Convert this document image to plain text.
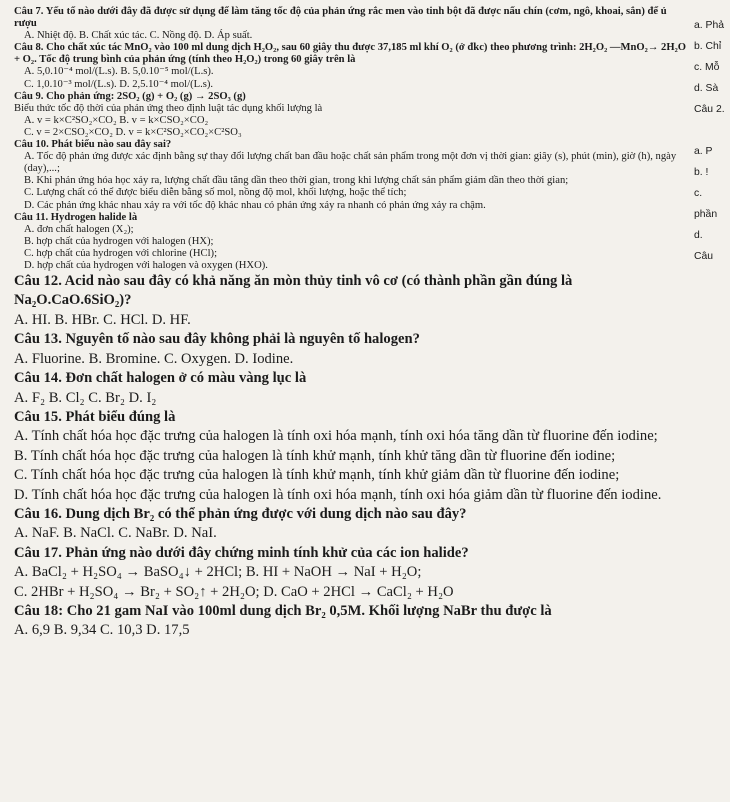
Câu 7. Yếu tố nào dưới đây đã được sử dụng để làm tăng tốc độ của phản ứng rắc men vào tinh bột đã được nấu chín (cơm, ngô, khoai, sắn) để ủ rượu

A. Nhiệt độ. B. Chất xúc tác. C. Nồng độ. D. Áp suất.

Câu 8. Cho chất xúc tác MnO₂ vào 100 ml dung dịch H₂O₂, sau 60 giây thu được 37,185 ml khí O₂ (ở đkc) theo phương trình: 2H₂O₂ —MnO₂→ 2H₂O + O₂. Tốc độ trung bình của phản ứng (tính theo H₂O₂) trong 60 giây trên là

A. 5,0.10⁻⁴ mol/(L.s). B. 5,0.10⁻⁵ mol/(L.s).

C. 1,0.10⁻³ mol/(L.s). D. 2,5.10⁻⁴ mol/(L.s).

Câu 9. Cho phản ứng: 2SO₂ (g) + O₂ (g) → 2SO₃ (g)

Biểu thức tốc độ thời của phản ứng theo định luật tác dụng khối lượng là

A. v = k×C²SO₂×CO₂ B. v = k×CSO₂×CO₂

C. v = 2×CSO₂×CO₂ D. v = k×C²SO₂×CO₂×C²SO₃

Câu 10. Phát biểu nào sau đây sai?

A. Tốc độ phản ứng được xác định bằng sự thay đổi lượng chất ban đầu hoặc chất sản phẩm trong một đơn vị thời gian: giây (s), phút (min), giờ (h), ngày (day),...;

B. Khi phản ứng hóa học xảy ra, lượng chất đầu tăng dần theo thời gian, trong khi lượng chất sản phẩm giảm dần theo thời gian;

C. Lượng chất có thể được biểu diễn bằng số mol, nồng độ mol, khối lượng, hoặc thể tích;

D. Các phản ứng khác nhau xảy ra với tốc độ khác nhau có phản ứng xảy ra nhanh có phản ứng xảy ra chậm.

Câu 11. Hydrogen halide là

A. đơn chất halogen (X₂);

B. hợp chất của hydrogen với halogen (HX);

C. hợp chất của hydrogen với chlorine (HCl);

D. hợp chất của hydrogen với halogen và oxygen (HXO).

Câu 12. Acid nào sau đây có khả năng ăn mòn thủy tinh vô cơ (có thành phần gần đúng là Na₂O.CaO.6SiO₂)?

A. HI. B. HBr. C. HCl. D. HF.

Câu 13. Nguyên tố nào sau đây không phải là nguyên tố halogen?

A. Fluorine. B. Bromine. C. Oxygen. D. Iodine.

Câu 14. Đơn chất halogen ở có màu vàng lục là

A. F₂ B. Cl₂ C. Br₂ D. I₂

Câu 15. Phát biểu đúng là

A. Tính chất hóa học đặc trưng của halogen là tính oxi hóa mạnh, tính oxi hóa tăng dần từ fluorine đến iodine;

B. Tính chất hóa học đặc trưng của halogen là tính khử mạnh, tính khử tăng dần từ fluorine đến iodine;

C. Tính chất hóa học đặc trưng của halogen là tính khử mạnh, tính khử giảm dần từ fluorine đến iodine;

D. Tính chất hóa học đặc trưng của halogen là tính oxi hóa mạnh, tính oxi hóa giảm dần từ fluorine đến iodine.

Câu 16. Dung dịch Br₂ có thể phản ứng được với dung dịch nào sau đây?

A. NaF. B. NaCl. C. NaBr. D. NaI.

Câu 17. Phản ứng nào dưới đây chứng minh tính khử của các ion halide?

A. BaCl₂ + H₂SO₄ → BaSO₄↓ + 2HCl; B. HI + NaOH → NaI + H₂O;

C. 2HBr + H₂SO₄ → Br₂ + SO₂↑ + 2H₂O; D. CaO + 2HCl → CaCl₂ + H₂O

Câu 18: Cho 21 gam NaI vào 100ml dung dịch Br₂ 0,5M. Khối lượng NaBr thu được là

A. 6,9 B. 9,34 C. 10,3 D. 17,5

a. Phả
b. Chỉ
c. Mỗ
d. Sà
Câu 2.
a. P
b. !
c.
phần
d.
Câu
